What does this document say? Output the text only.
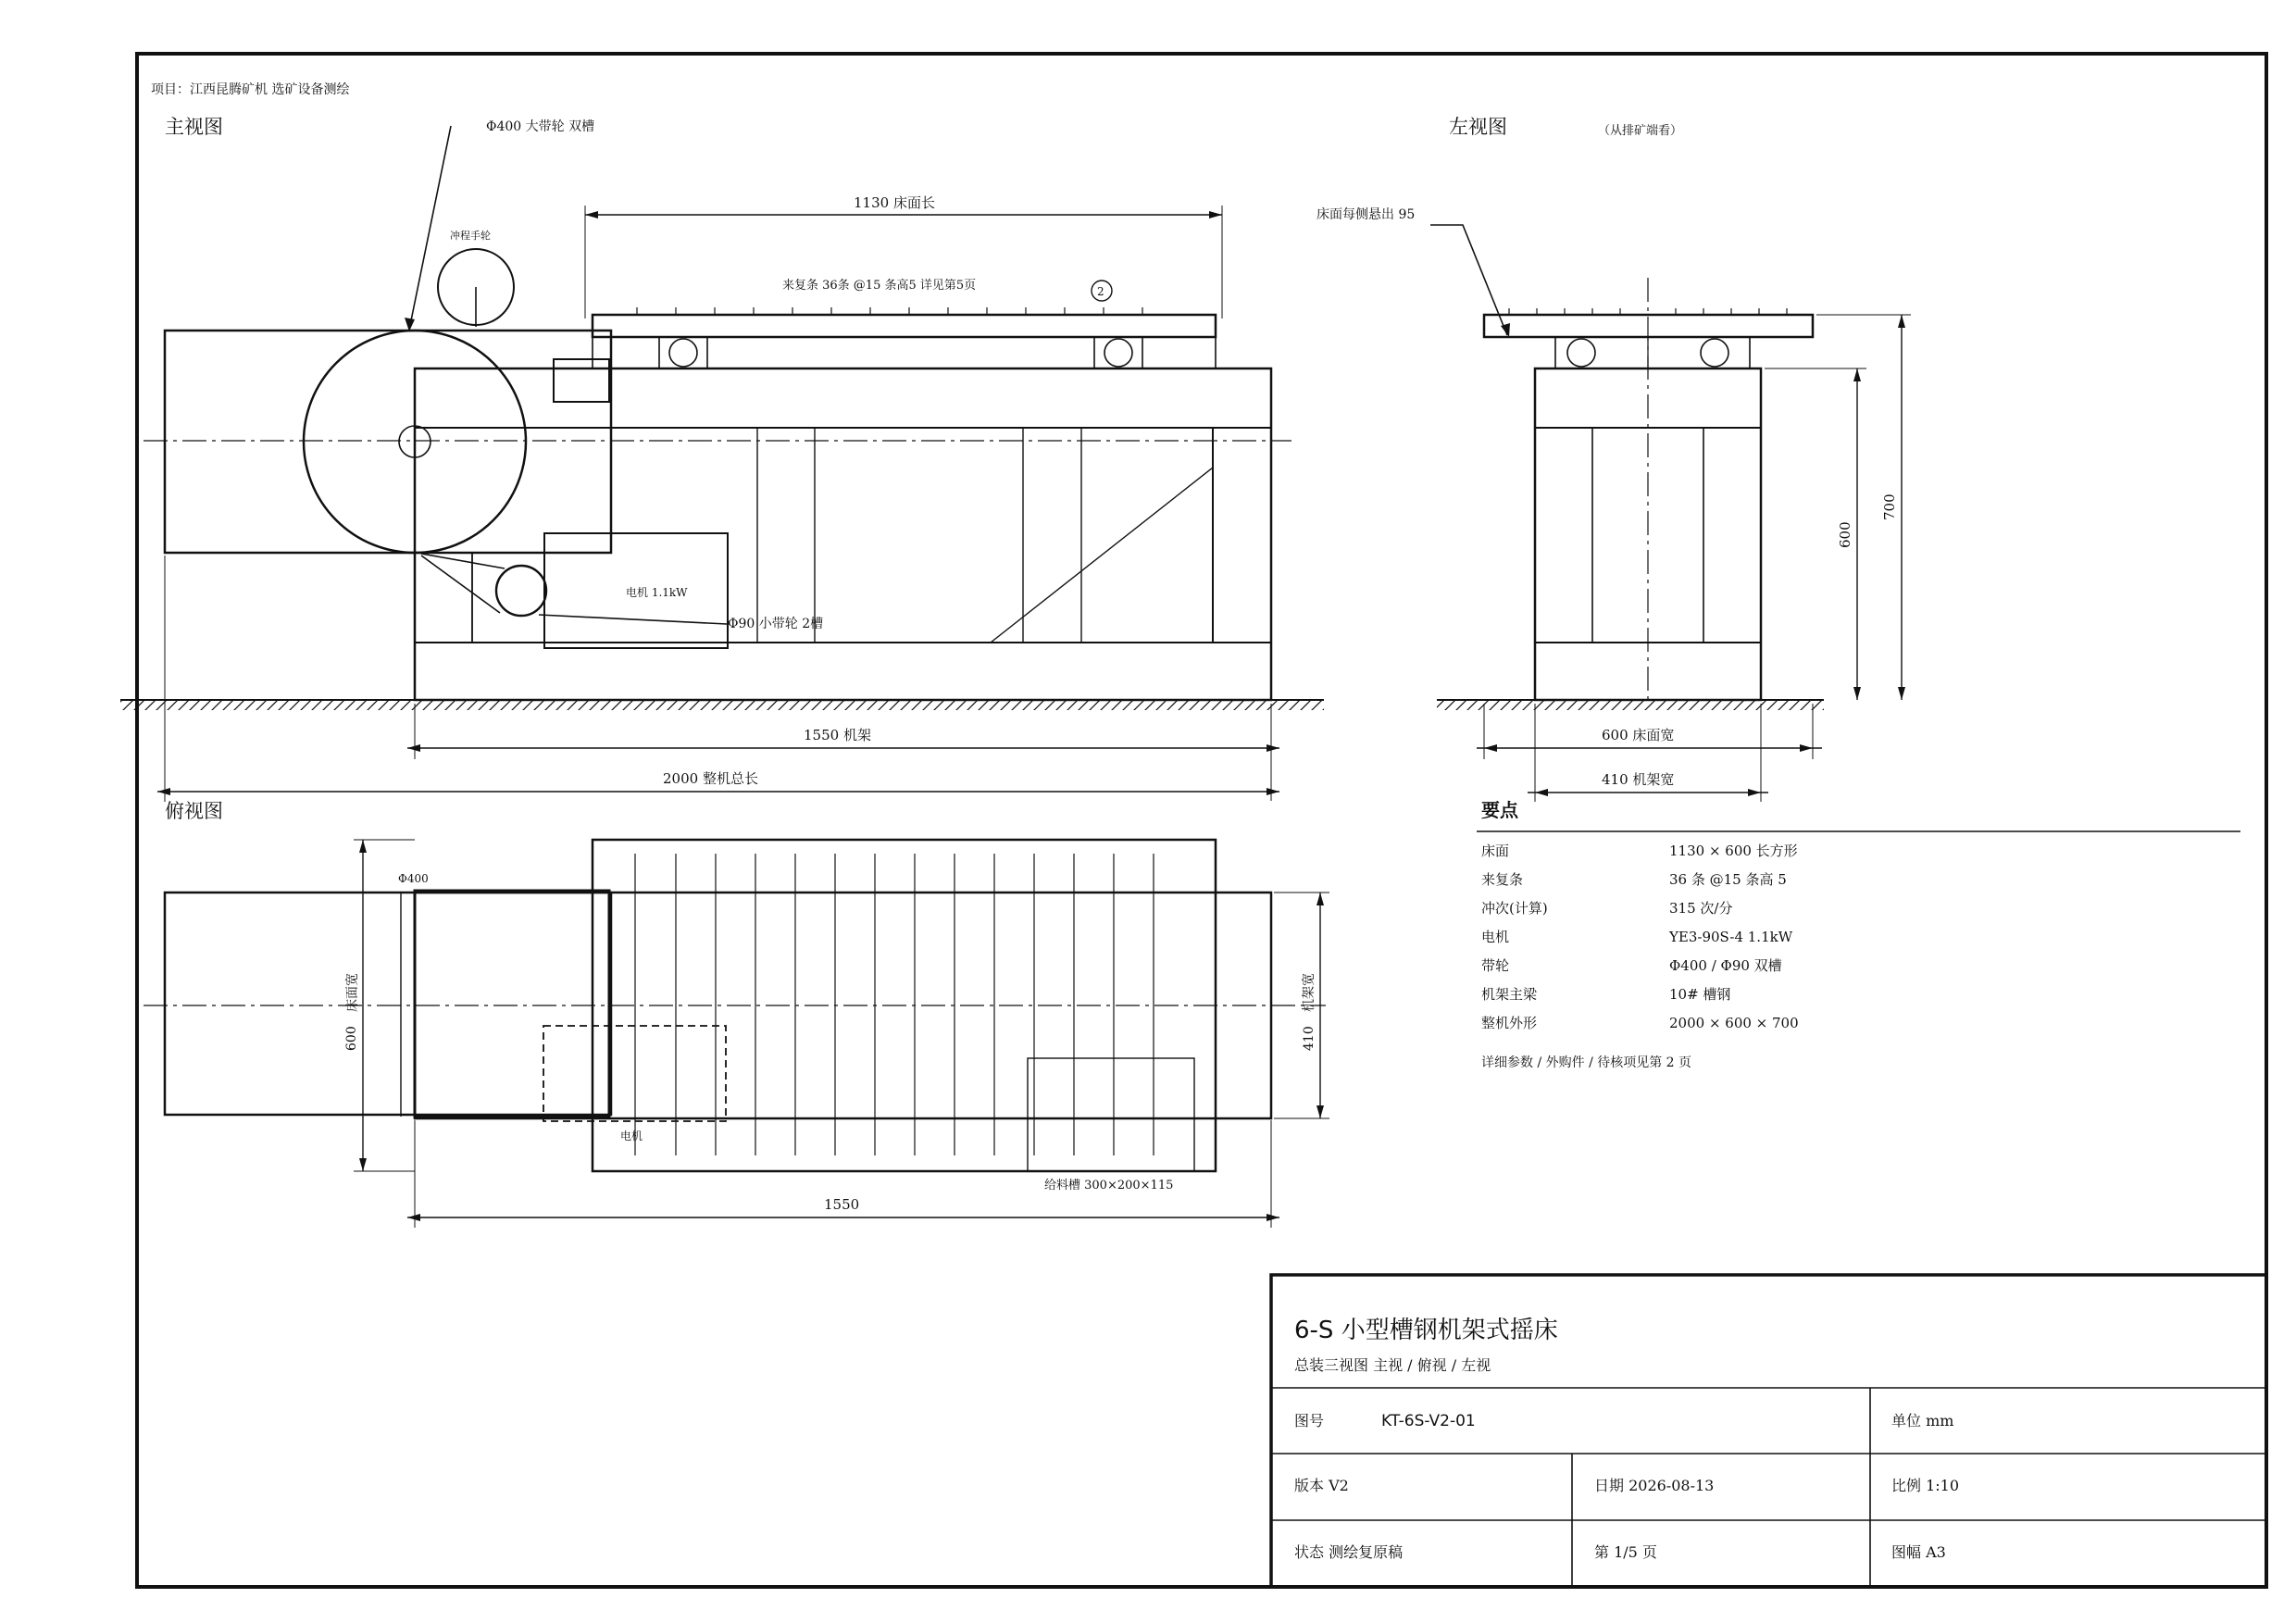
项目：江西昆腾矿机 选矿设备测绘
主视图	Φ400 大带轮 双槽
冲程手轮
1130 床面长
来复条 36条 @15 条高5 详见第5页	2
电机 1.1kW
Φ90 小带轮 2槽
1550 机架
2000 整机总长
左视图	（从排矿端看）
床面每侧悬出 95
600
700
600 床面宽
410 机架宽
俯视图
Φ400
600
床面宽
410
机架宽
电机
给料槽 300×200×115
1550
要点
床面	1130 × 600 长方形
来复条	36 条 @15 条高 5
冲次(计算)	315 次/分
电机	YE3-90S-4 1.1kW
带轮	Φ400 / Φ90 双槽
机架主梁	10# 槽钢
整机外形	2000 × 600 × 700
详细参数 / 外购件 / 待核项见第 2 页
6-S 小型槽钢机架式摇床
总装三视图 主视 / 俯视 / 左视
图号	KT-6S-V2-01	单位 mm
版本 V2	日期 2026-08-13	比例 1:10
状态 测绘复原稿	第 1/5 页	图幅 A3
